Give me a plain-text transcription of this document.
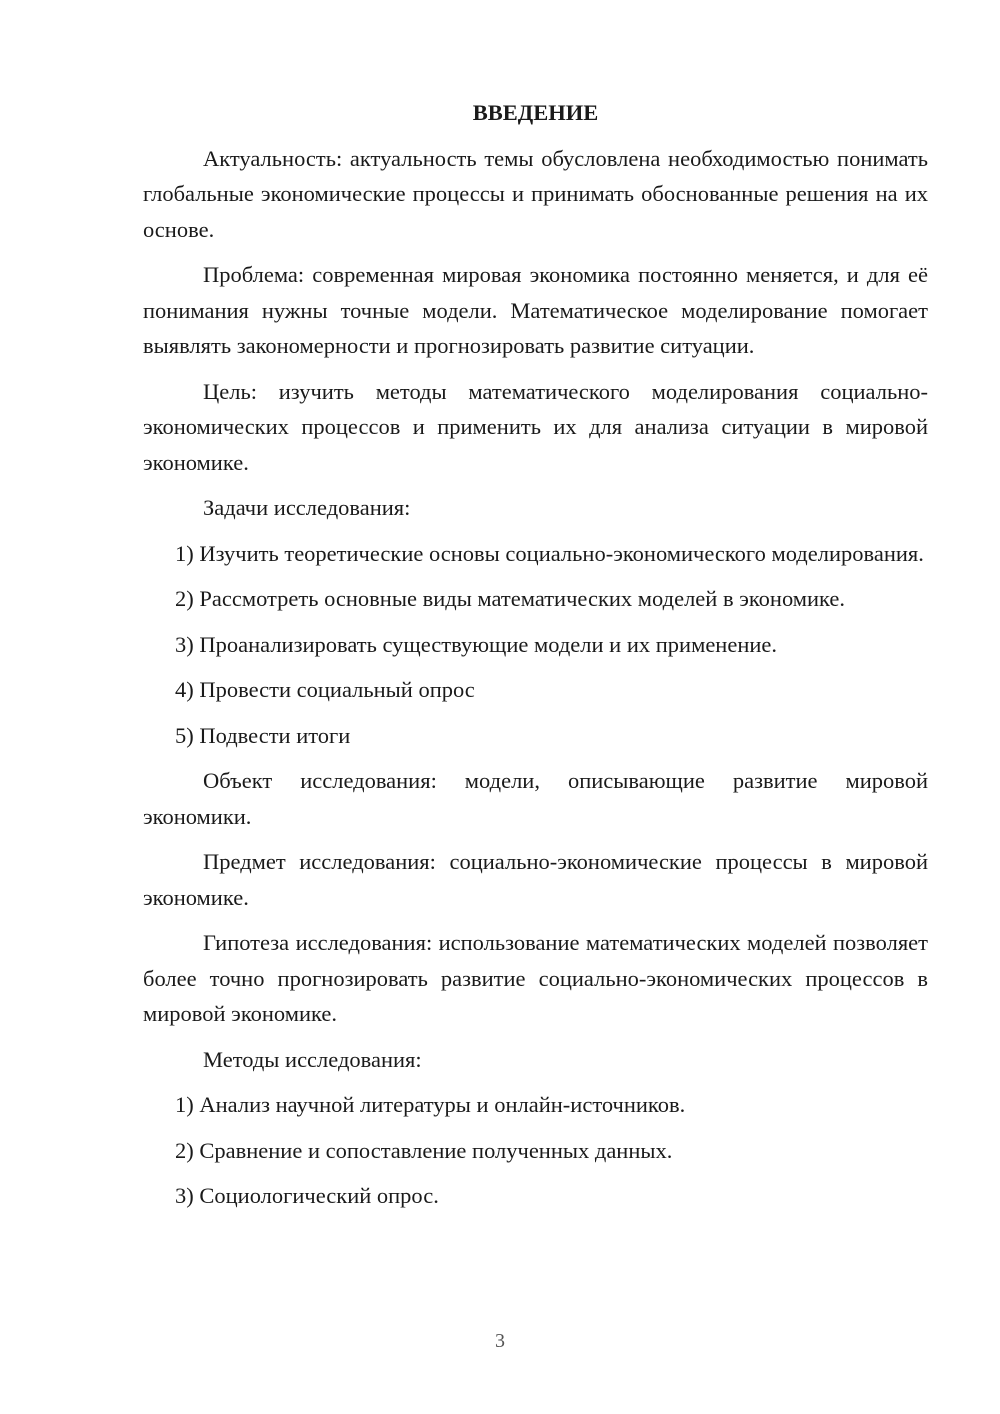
ВВЕДЕНИЕ
Актуальность: актуальность темы обусловлена необходимостью понимать глобальные экономические процессы и принимать обоснованные решения на их основе.
Проблема: современная мировая экономика постоянно меняется, и для её понимания нужны точные модели. Математическое моделирование помогает выявлять закономерности и прогнозировать развитие ситуации.
Цель: изучить методы математического моделирования социально-экономических процессов и применить их для анализа ситуации в мировой экономике.
Задачи исследования:
1) Изучить теоретические основы социально-экономического моделирования.
2) Рассмотреть основные виды математических моделей в экономике.
3) Проанализировать существующие модели и их применение.
4) Провести социальный опрос
5) Подвести итоги
Объект исследования: модели, описывающие развитие мировой экономики.
Предмет исследования: социально-экономические процессы в мировой экономике.
Гипотеза исследования: использование математических моделей позволяет более точно прогнозировать развитие социально-экономических процессов в мировой экономике.
Методы исследования:
1) Анализ научной литературы и онлайн-источников.
2) Сравнение и сопоставление полученных данных.
3) Социологический опрос.
3
